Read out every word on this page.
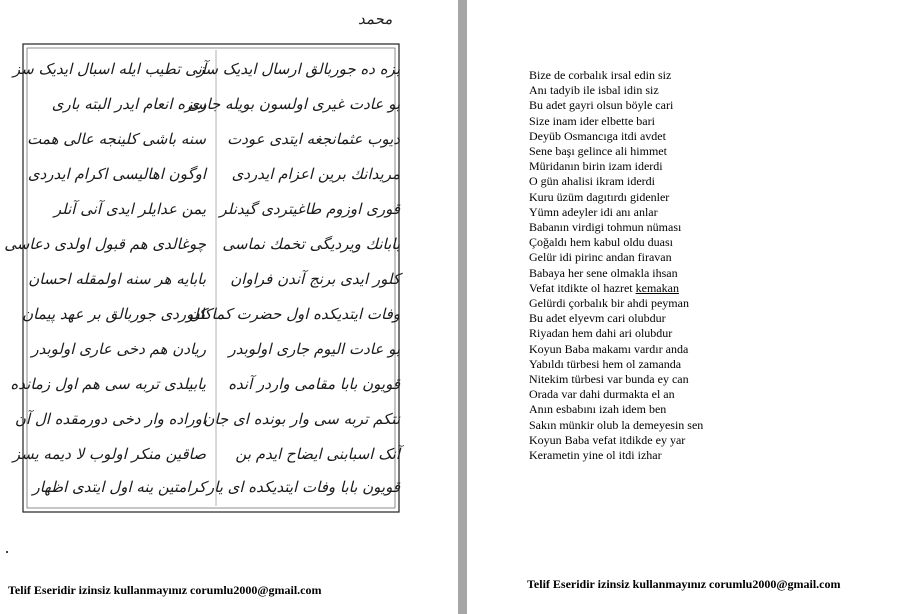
محمد
بزه ده جوربالق ارسال ايدیک سز
بو عادت غيری اولسون بويله جاری
ديوب عثمانجغه ايتدی عودت
مريدانك برين اعزام ايدردی
قوری اوزوم طاغيتردی گيدنلر
بابانك ويرديگی تخمك نماسی
کلور ايدی برنج آندن فراوان
وفات ايتدیکده اول حضرت کماكان
بو عادت اليوم جاری اولوبدر
قويون بابا مقامی واردر آنده
نتکم تربه سی وار بونده ای جان
آنک اسبابنی ايضاح ايدم بن
قويون بابا وفات ايتدیکده ای يار
آنی تطيب ايله اسبال ايدیک سز
سزه انعام ايدر البته باری
سنه باشی کلينجه عالی همت
اوگون اهاليسی اکرام ايدردی
يمن عدايلر ايدی آنی آنلر
چوغالدی هم قبول اولدی دعاسی
بابايه هر سنه اولمقله احسان
کلوردی جوربالق بر عهد پيمان
ريادن هم دخی عاری اولوبدر
يابيلدی تربه سی هم اول زمانده
اوراده وار دخی دورمقده ال آن
صاقين منکر اولوب لا ديمه یسز
کرامتين ينه اول ايتدی اظهار
Telif Eseridir izinsiz kullanmayınız corumlu2000@gmail.com
Bize de corbalık irsal edin siz
Anı tadyib ile isbal idin siz
Bu adet gayri olsun böyle cari
Size inam ider elbette bari
Deyüb Osmancıga itdi avdet
Sene başı gelince ali himmet
Müridanın birin izam iderdi
O gün ahalisi ikram iderdi
Kuru üzüm dagıtırdı gidenler
Yümn adeyler idi anı anlar
Babanın virdigi tohmun nüması
Çoğaldı hem kabul oldu duası
Gelür idi pirinc andan firavan
Babaya her sene olmakla ihsan
Vefat itdikte ol hazret kemakan
Gelürdi çorbalık bir ahdi peyman
Bu adet elyevm cari olubdur
Riyadan hem dahi ari olubdur
Koyun Baba makamı vardır anda
Yabıldı türbesi hem ol zamanda
Nitekim türbesi var bunda ey can
Orada var dahi durmakta el an
Anın esbabını izah idem ben
Sakın münkir olub la demeyesin sen
Koyun Baba vefat itdikde ey yar
Kerametin yine ol itdi izhar
Telif Eseridir izinsiz kullanmayınız corumlu2000@gmail.com
